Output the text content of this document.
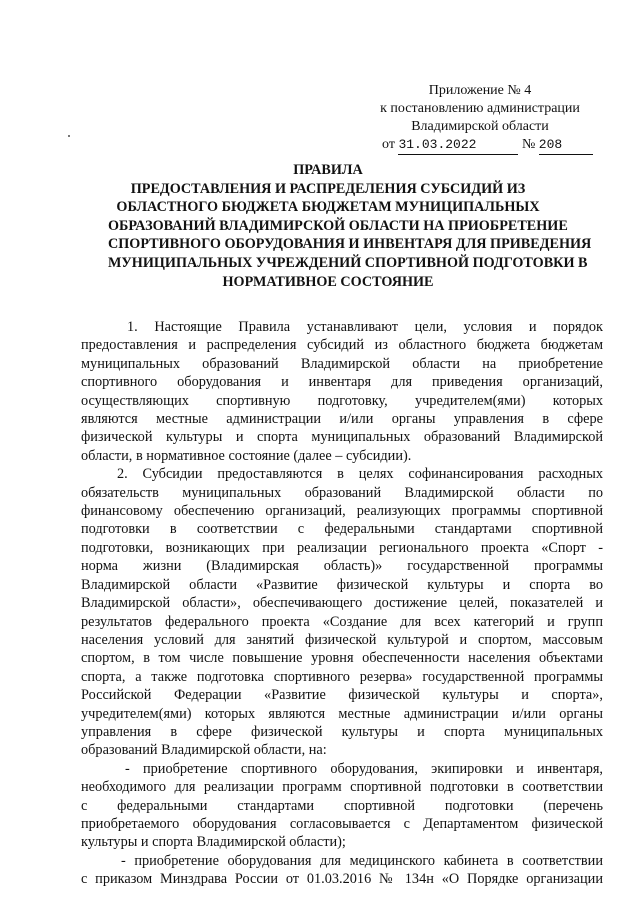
Приложение № 4
к постановлению администрации
Владимирской области
от 31.03.2022	№ 208
ПРАВИЛА
ПРЕДОСТАВЛЕНИЯ И РАСПРЕДЕЛЕНИЯ СУБСИДИЙ ИЗ
ОБЛАСТНОГО БЮДЖЕТА БЮДЖЕТАМ МУНИЦИПАЛЬНЫХ
ОБРАЗОВАНИЙ ВЛАДИМИРСКОЙ ОБЛАСТИ НА ПРИОБРЕТЕНИЕ
СПОРТИВНОГО ОБОРУДОВАНИЯ И ИНВЕНТАРЯ ДЛЯ ПРИВЕДЕНИЯ
МУНИЦИПАЛЬНЫХ УЧРЕЖДЕНИЙ СПОРТИВНОЙ ПОДГОТОВКИ В
НОРМАТИВНОЕ СОСТОЯНИЕ
1. Настоящие Правила устанавливают цели, условия и порядок
предоставления и распределения субсидий из областного бюджета бюджетам
муниципальных образований Владимирской области на приобретение
спортивного оборудования и инвентаря для приведения организаций,
осуществляющих спортивную подготовку, учредителем(ями) которых
являются местные администрации и/или органы управления в сфере
физической культуры и спорта муниципальных образований Владимирской
области, в нормативное состояние (далее – субсидии).
2. Субсидии предоставляются в целях софинансирования расходных
обязательств муниципальных образований Владимирской области по
финансовому обеспечению организаций, реализующих программы спортивной
подготовки в соответствии с федеральными стандартами спортивной
подготовки, возникающих при реализации регионального проекта «Спорт -
норма жизни (Владимирская область)» государственной программы
Владимирской области «Развитие физической культуры и спорта во
Владимирской области», обеспечивающего достижение целей, показателей и
результатов федерального проекта «Создание для всех категорий и групп
населения условий для занятий физической культурой и спортом, массовым
спортом, в том числе повышение уровня обеспеченности населения объектами
спорта, а также подготовка спортивного резерва» государственной программы
Российской Федерации «Развитие физической культуры и спорта»,
учредителем(ями) которых являются местные администрации и/или органы
управления в сфере физической культуры и спорта муниципальных
образований Владимирской области, на:
- приобретение спортивного оборудования, экипировки и инвентаря,
необходимого для реализации программ спортивной подготовки в соответствии
с федеральными стандартами спортивной подготовки (перечень
приобретаемого оборудования согласовывается с Департаментом физической
культуры и спорта Владимирской области);
- приобретение оборудования для медицинского кабинета в соответствии
с приказом Минздрава России от 01.03.2016 № 134н «О Порядке организации
